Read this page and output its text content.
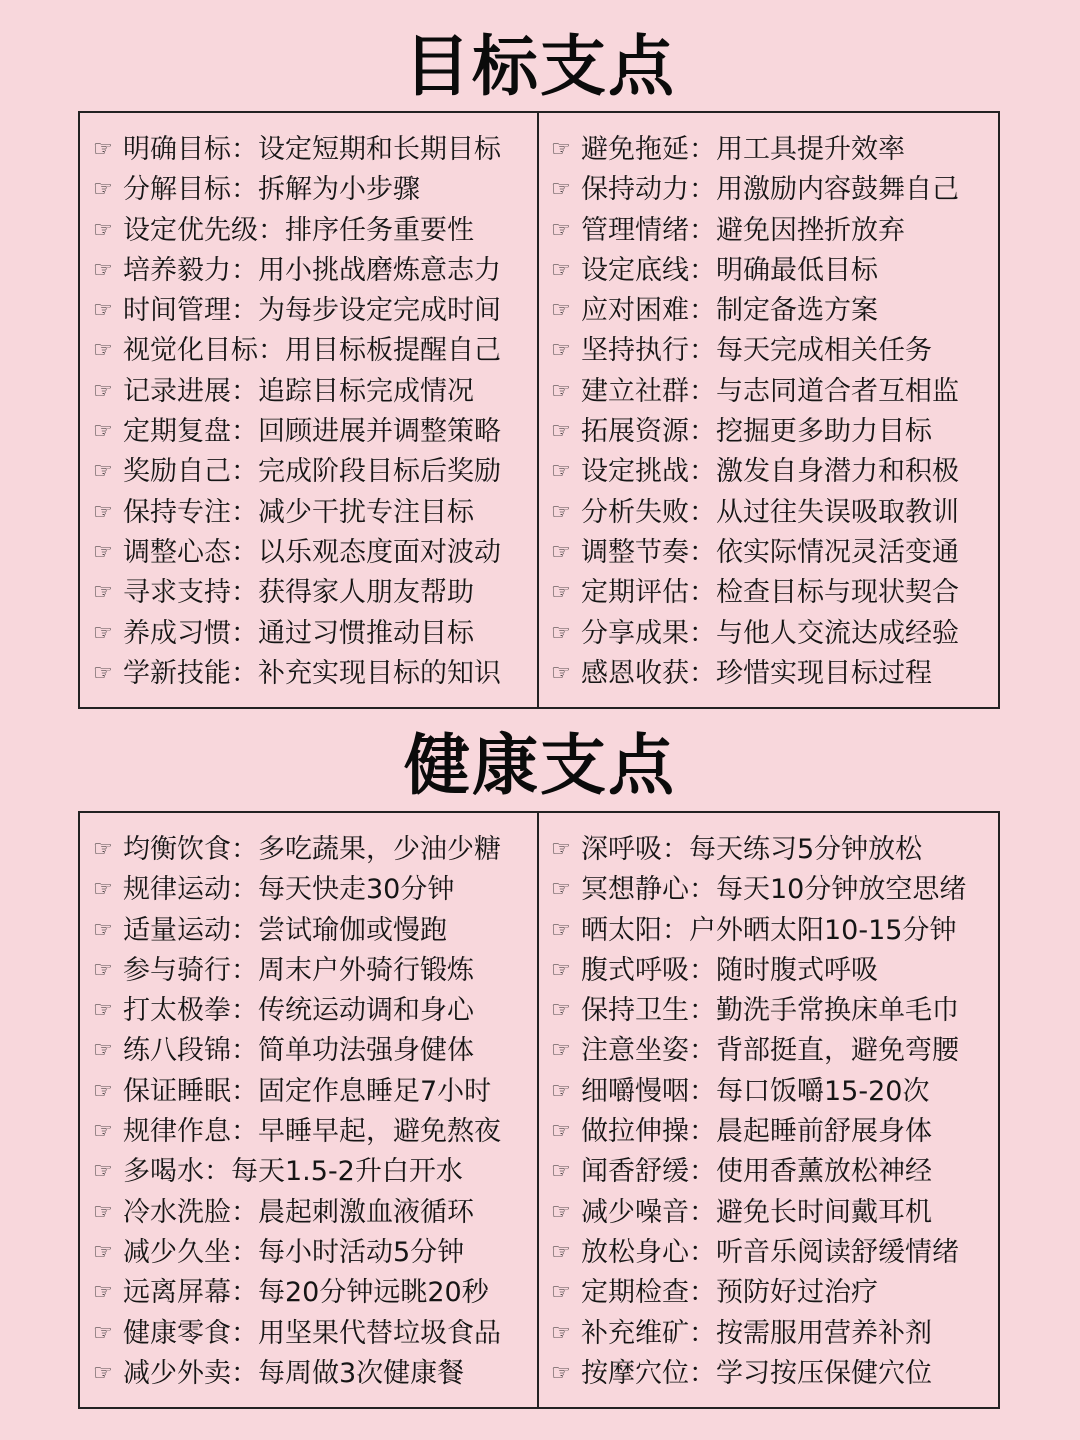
目标支点
☞ 明确目标：设定短期和长期目标
☞ 分解目标：拆解为小步骤
☞ 设定优先级：排序任务重要性
☞ 培养毅力：用小挑战磨炼意志力
☞ 时间管理：为每步设定完成时间
☞ 视觉化目标：用目标板提醒自己
☞ 记录进展：追踪目标完成情况
☞ 定期复盘：回顾进展并调整策略
☞ 奖励自己：完成阶段目标后奖励
☞ 保持专注：减少干扰专注目标
☞ 调整心态：以乐观态度面对波动
☞ 寻求支持：获得家人朋友帮助
☞ 养成习惯：通过习惯推动目标
☞ 学新技能：补充实现目标的知识
☞ 避免拖延：用工具提升效率
☞ 保持动力：用激励内容鼓舞自己
☞ 管理情绪：避免因挫折放弃
☞ 设定底线：明确最低目标
☞ 应对困难：制定备选方案
☞ 坚持执行：每天完成相关任务
☞ 建立社群：与志同道合者互相监
☞ 拓展资源：挖掘更多助力目标
☞ 设定挑战：激发自身潜力和积极
☞ 分析失败：从过往失误吸取教训
☞ 调整节奏：依实际情况灵活变通
☞ 定期评估：检查目标与现状契合
☞ 分享成果：与他人交流达成经验
☞ 感恩收获：珍惜实现目标过程
健康支点
☞ 均衡饮食：多吃蔬果，少油少糖
☞ 规律运动：每天快走30分钟
☞ 适量运动：尝试瑜伽或慢跑
☞ 参与骑行：周末户外骑行锻炼
☞ 打太极拳：传统运动调和身心
☞ 练八段锦：简单功法强身健体
☞ 保证睡眠：固定作息睡足7小时
☞ 规律作息：早睡早起，避免熬夜
☞ 多喝水：每天1.5-2升白开水
☞ 冷水洗脸：晨起刺激血液循环
☞ 减少久坐：每小时活动5分钟
☞ 远离屏幕：每20分钟远眺20秒
☞ 健康零食：用坚果代替垃圾食品
☞ 减少外卖：每周做3次健康餐
☞ 深呼吸：每天练习5分钟放松
☞ 冥想静心：每天10分钟放空思绪
☞ 晒太阳：户外晒太阳10-15分钟
☞ 腹式呼吸：随时腹式呼吸
☞ 保持卫生：勤洗手常换床单毛巾
☞ 注意坐姿：背部挺直，避免弯腰
☞ 细嚼慢咽：每口饭嚼15-20次
☞ 做拉伸操：晨起睡前舒展身体
☞ 闻香舒缓：使用香薰放松神经
☞ 减少噪音：避免长时间戴耳机
☞ 放松身心：听音乐阅读舒缓情绪
☞ 定期检查：预防好过治疗
☞ 补充维矿：按需服用营养补剂
☞ 按摩穴位：学习按压保健穴位
